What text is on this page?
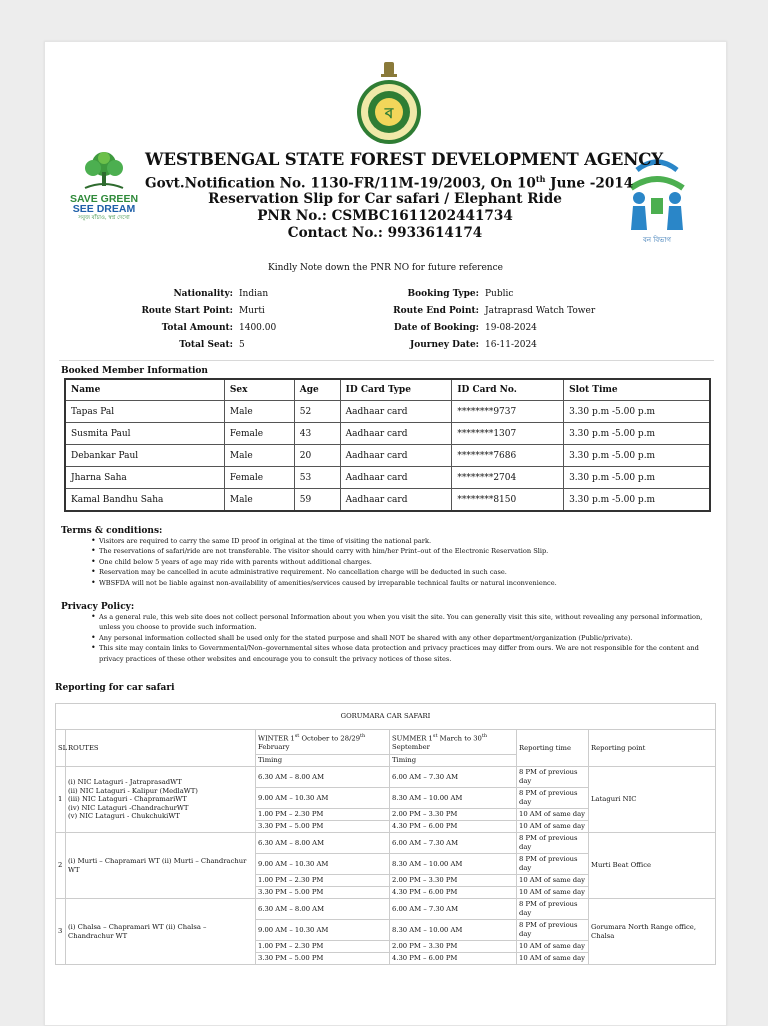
ব
SAVE GREEN
SEE DREAM
সবুজ বাঁচাও, স্বপ্ন দেখো
বন বিভাগ
WESTBENGAL STATE FOREST DEVELOPMENT AGENCY
Govt.Notification No. 1130-FR/11M-19/2003, On 10th June -2014
Reservation Slip for Car safari / Elephant Ride
PNR No.: CSMBC1611202441734
Contact No.: 9933614174
Kindly Note down the PNR NO for future reference
Nationality: Indian	Booking Type: Public
Route Start Point: Murti	Route End Point: Jatraprasd Watch Tower
Total Amount: 1400.00	Date of Booking: 19-08-2024
Total Seat: 5	Journey Date: 16-11-2024
Booked Member Information
Name	Sex	Age	ID Card Type	ID Card No.	Slot Time
Tapas Pal	Male	52	Aadhaar card	********9737	3.30 p.m -5.00 p.m
Susmita Paul	Female	43	Aadhaar card	********1307	3.30 p.m -5.00 p.m
Debankar Paul	Male	20	Aadhaar card	********7686	3.30 p.m -5.00 p.m
Jharna Saha	Female	53	Aadhaar card	********2704	3.30 p.m -5.00 p.m
Kamal Bandhu Saha	Male	59	Aadhaar card	********8150	3.30 p.m -5.00 p.m
Terms & conditions:
• Visitors are required to carry the same ID proof in original at the time of visiting the national park.
• The reservations of safari/ride are not transferable. The visitor should carry with him/her Print–out of the Electronic Reservation Slip.
• One child below 5 years of age may ride with parents without additional charges.
• Reservation may be cancelled in acute administrative requirement. No cancellation charge will be deducted in such case.
• WBSFDA will not be liable against non-availability of amenities/services caused by irreparable technical faults or natural inconvenience.
Privacy Policy:
• As a general rule, this web site does not collect personal Information about you when you visit the site. You can generally visit this site, without revealing any personal information, unless you choose to provide such information.
• Any personal information collected shall be used only for the stated purpose and shall NOT be shared with any other department/organization (Public/private).
• This site may contain links to Governmental/Non–governmental sites whose data protection and privacy practices may differ from ours. We are not responsible for the content and privacy practices of these other websites and encourage you to consult the privacy notices of those sites.
Reporting for car safari
GORUMARA CAR SAFARI					
SL	ROUTES	WINTER 1st October to 28/29th February	SUMMER 1st March to 30th September	Reporting time	Reporting point
		Timing	Timing		
1	(i) NIC Lataguri - JatraprasadWT
(ii) NIC Lataguri - Kalipur (MedlaWT)
(iii) NIC Lataguri - ChapramariWT
(iv) NIC Lataguri -ChandrachurWT
(v) NIC Lataguri - ChukchukiWT	6.30 AM – 8.00 AM	6.00 AM – 7.30 AM	8 PM of previous day	Lataguri NIC
		9.00 AM – 10.30 AM	8.30 AM – 10.00 AM	8 PM of previous day	
		1.00 PM – 2.30 PM	2.00 PM – 3.30 PM	10 AM of same day	
		3.30 PM – 5.00 PM	4.30 PM – 6.00 PM	10 AM of same day	
2	(i) Murti – Chapramari WT (ii) Murti – Chandrachur WT	6.30 AM – 8.00 AM	6.00 AM – 7.30 AM	8 PM of previous day	Murti Beat Office
		9.00 AM – 10.30 AM	8.30 AM – 10.00 AM	8 PM of previous day	
		1.00 PM – 2.30 PM	2.00 PM – 3.30 PM	10 AM of same day	
		3.30 PM – 5.00 PM	4.30 PM – 6.00 PM	10 AM of same day	
3	(i) Chalsa – Chapramari WT (ii) Chalsa – Chandrachur WT	6.30 AM – 8.00 AM	6.00 AM – 7.30 AM	8 PM of previous day	Gorumara North Range office, Chalsa
		9.00 AM – 10.30 AM	8.30 AM – 10.00 AM	8 PM of previous day	
		1.00 PM – 2.30 PM	2.00 PM – 3.30 PM	10 AM of same day	
		3.30 PM – 5.00 PM	4.30 PM – 6.00 PM	10 AM of same day	
